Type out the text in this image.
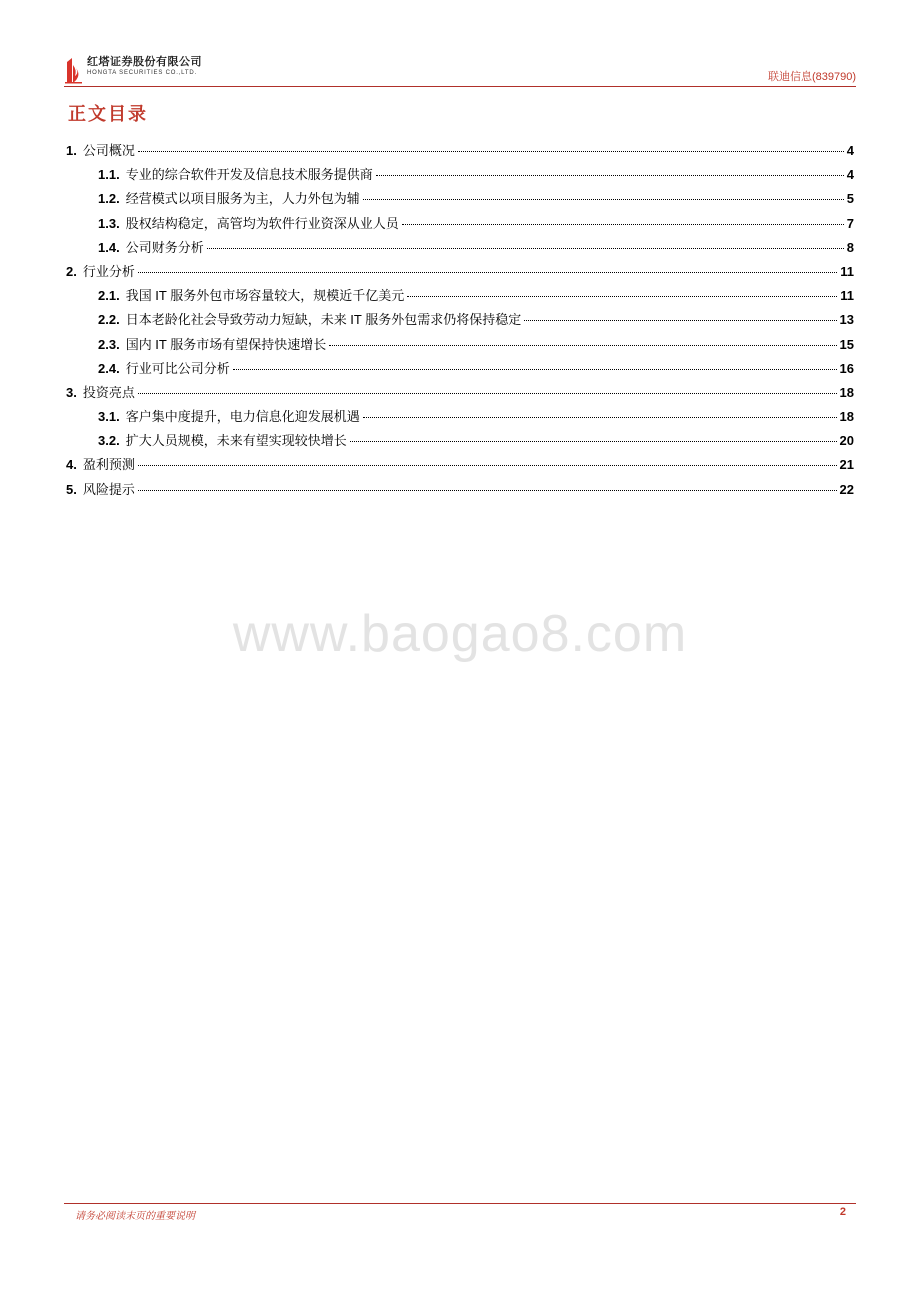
红塔证券股份有限公司
HONGTA SECURITIES CO.,LTD.	联迪信息(839790)
正文目录
1. 公司概况	4
1.1. 专业的综合软件开发及信息技术服务提供商	4
1.2. 经营模式以项目服务为主，人力外包为辅	5
1.3. 股权结构稳定，高管均为软件行业资深从业人员	7
1.4. 公司财务分析	8
2. 行业分析	11
2.1. 我国 IT 服务外包市场容量较大，规模近千亿美元	11
2.2. 日本老龄化社会导致劳动力短缺，未来 IT 服务外包需求仍将保持稳定	13
2.3. 国内 IT 服务市场有望保持快速增长	15
2.4. 行业可比公司分析	16
3. 投资亮点	18
3.1. 客户集中度提升，电力信息化迎发展机遇	18
3.2. 扩大人员规模，未来有望实现较快增长	20
4. 盈利预测	21
5. 风险提示	22
www.baogao8.com
请务必阅读末页的重要说明	2
